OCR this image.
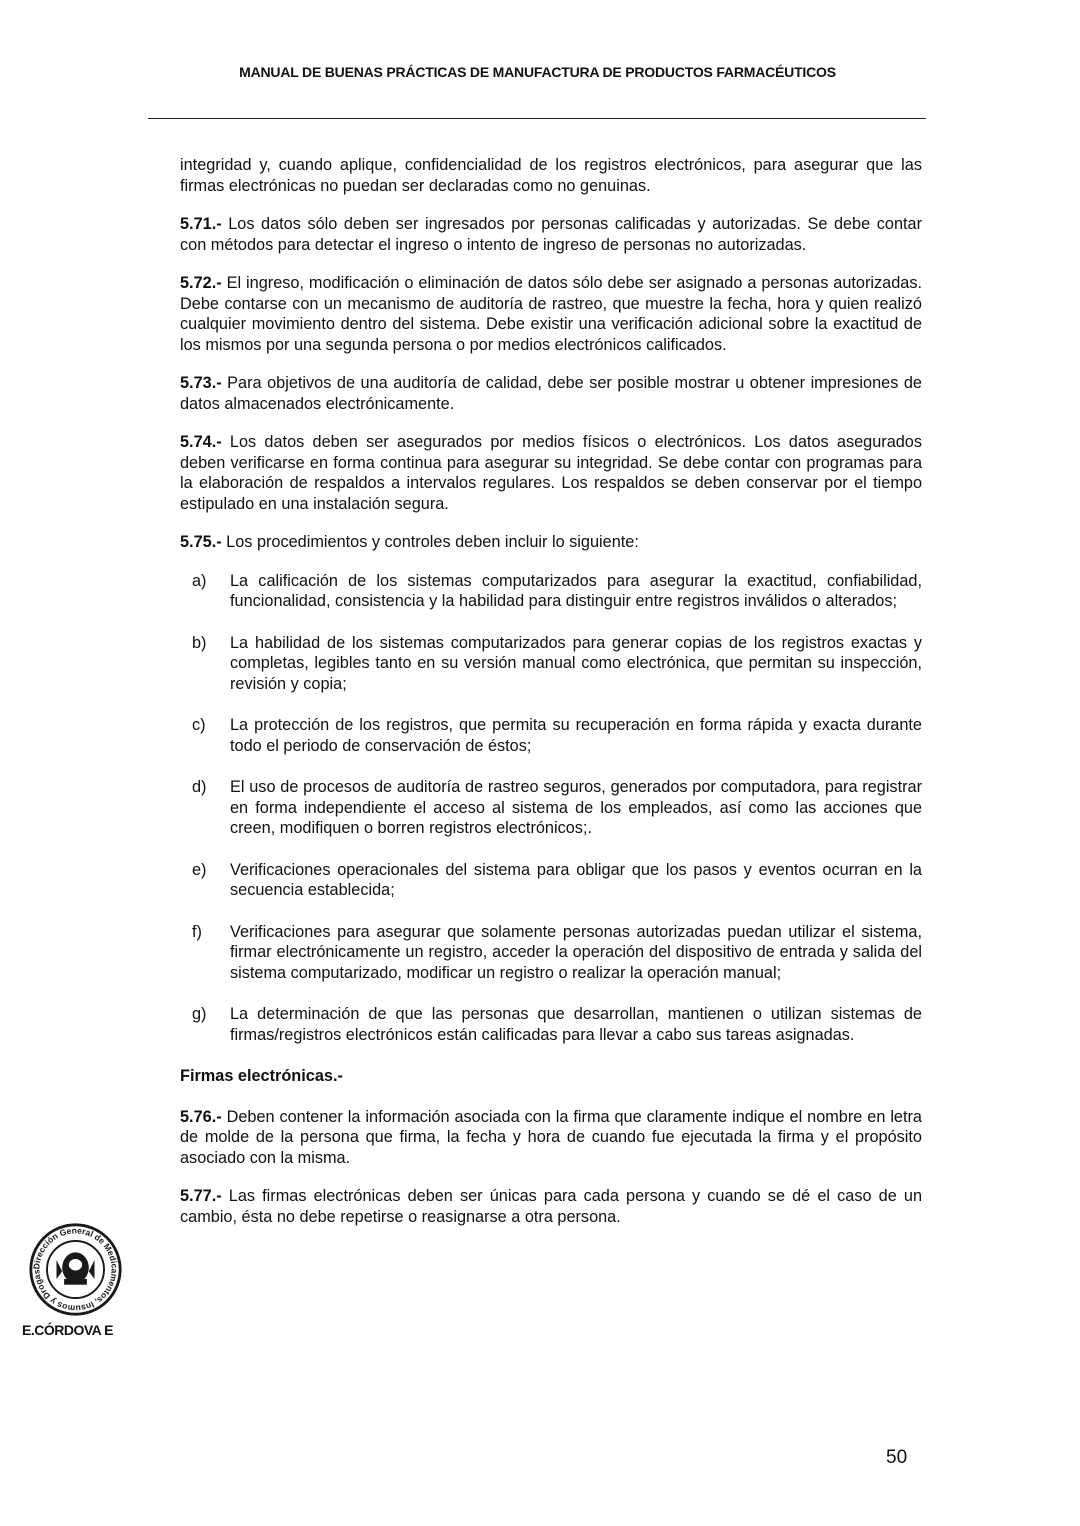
MANUAL DE BUENAS PRÁCTICAS DE MANUFACTURA DE PRODUCTOS FARMACÉUTICOS

integridad y, cuando aplique, confidencialidad de los registros electrónicos, para asegurar que las firmas electrónicas no puedan ser declaradas como no genuinas.

5.71.- Los datos sólo deben ser ingresados por personas calificadas y autorizadas. Se debe contar con métodos para detectar el ingreso o intento de ingreso de personas no autorizadas.

5.72.- El ingreso, modificación o eliminación de datos sólo debe ser asignado a personas autorizadas. Debe contarse con un mecanismo de auditoría de rastreo, que muestre la fecha, hora y quien realizó cualquier movimiento dentro del sistema. Debe existir una verificación adicional sobre la exactitud de los mismos por una segunda persona o por medios electrónicos calificados.

5.73.- Para objetivos de una auditoría de calidad, debe ser posible mostrar u obtener impresiones de datos almacenados electrónicamente.

5.74.- Los datos deben ser asegurados por medios físicos o electrónicos. Los datos asegurados deben verificarse en forma continua para asegurar su integridad. Se debe contar con programas para la elaboración de respaldos a intervalos regulares. Los respaldos se deben conservar por el tiempo estipulado en una instalación segura.

5.75.- Los procedimientos y controles deben incluir lo siguiente:

a)	La calificación de los sistemas computarizados para asegurar la exactitud, confiabilidad, funcionalidad, consistencia y la habilidad para distinguir entre registros inválidos o alterados;
b)	La habilidad de los sistemas computarizados para generar copias de los registros exactas y completas, legibles tanto en su versión manual como electrónica, que permitan su inspección, revisión y copia;
c)	La protección de los registros, que permita su recuperación en forma rápida y exacta durante todo el periodo de conservación de éstos;
d)	El uso de procesos de auditoría de rastreo seguros, generados por computadora, para registrar en forma independiente el acceso al sistema de los empleados, así como las acciones que creen, modifiquen o borren registros electrónicos;.
e)	Verificaciones operacionales del sistema para obligar que los pasos y eventos ocurran en la secuencia establecida;
f)	Verificaciones para asegurar que solamente personas autorizadas puedan utilizar el sistema, firmar electrónicamente un registro, acceder la operación del dispositivo de entrada y salida del sistema computarizado, modificar un registro o realizar la operación manual;
g)	La determinación de que las personas que desarrollan, mantienen o utilizan sistemas de firmas/registros electrónicos están calificadas para llevar a cabo sus tareas asignadas.
Firmas electrónicas.-

5.76.- Deben contener la información asociada con la firma que claramente indique el nombre en letra de molde de la persona que firma, la fecha y hora de cuando fue ejecutada la firma y el propósito asociado con la misma.

5.77.- Las firmas electrónicas deben ser únicas para cada persona y cuando se dé el caso de un cambio, ésta no debe repetirse o reasignarse a otra persona.

Dirección General de Medicamentos, Insumos y Drogas
E.CÓRDOVA E
50
